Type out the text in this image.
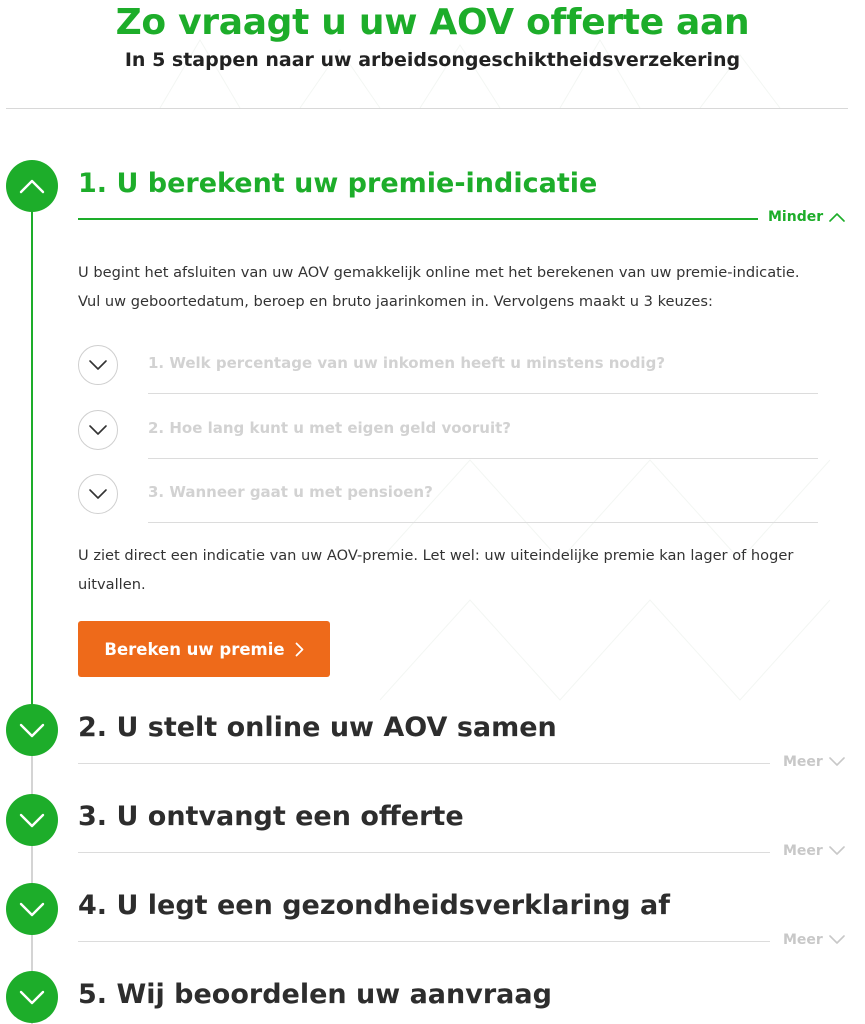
Zo vraagt u uw AOV offerte aan
In 5 stappen naar uw arbeidsongeschiktheidsverzekering
1. U berekent uw premie-indicatie
Minder

U begint het afsluiten van uw AOV gemakkelijk online met het berekenen van uw premie-indicatie. Vul uw geboortedatum, beroep en bruto jaarinkomen in. Vervolgens maakt u 3 keuzes:

1. Welk percentage van uw inkomen heeft u minstens nodig?
2. Hoe lang kunt u met eigen geld vooruit?
3. Wanneer gaat u met pensioen?

U ziet direct een indicatie van uw AOV-premie. Let wel: uw uiteindelijke premie kan lager of hoger uitvallen.

Bereken uw premie
2. U stelt online uw AOV samen
Meer
3. U ontvangt een offerte
Meer
4. U legt een gezondheidsverklaring af
Meer
5. Wij beoordelen uw aanvraag
